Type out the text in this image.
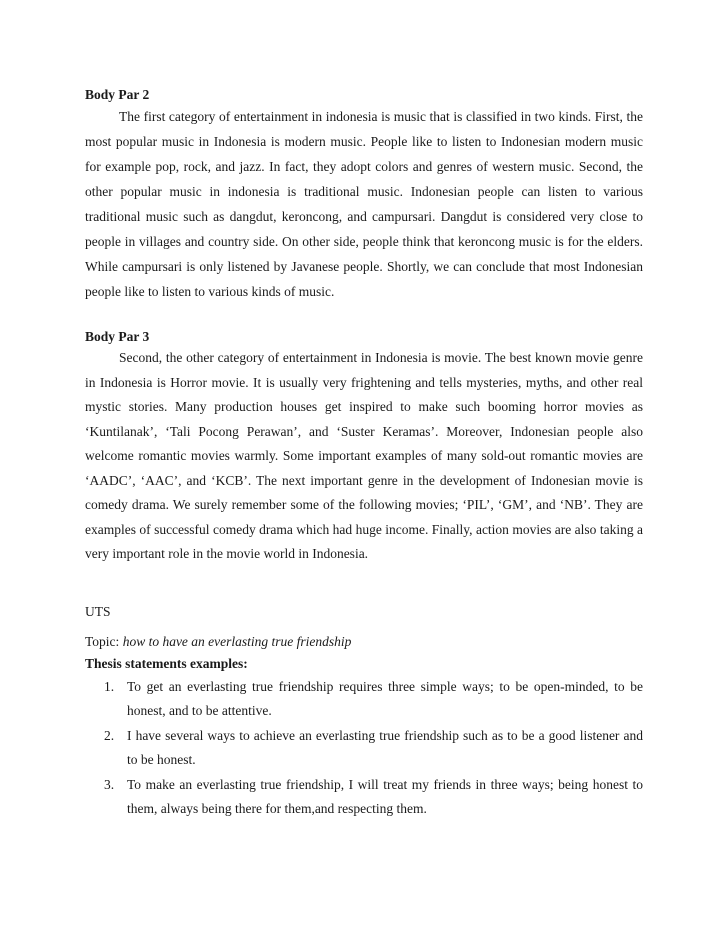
Body Par 2

The first category of entertainment in indonesia is music that is classified in two kinds. First, the most popular music in Indonesia is modern music. People like to listen to Indonesian modern music for example pop, rock, and jazz. In fact, they adopt colors and genres of western music. Second, the other popular music in indonesia is traditional music. Indonesian people can listen to various traditional music such as dangdut, keroncong, and campursari. Dangdut is considered very close to people in villages and country side. On other side, people think that keroncong music is for the elders. While campursari is only listened by Javanese people. Shortly, we can conclude that most Indonesian people like to listen to various kinds of music.

Body Par 3

Second, the other category of entertainment in Indonesia is movie. The best known movie genre in Indonesia is Horror movie. It is usually very frightening and tells mysteries, myths, and other real mystic stories. Many production houses get inspired to make such booming horror movies as ‘Kuntilanak’, ‘Tali Pocong Perawan’, and ‘Suster Keramas’. Moreover, Indonesian people also welcome romantic movies warmly. Some important examples of many sold-out romantic movies are ‘AADC’, ‘AAC’, and ‘KCB’. The next important genre in the development of Indonesian movie is comedy drama. We surely remember some of the following movies; ‘PIL’, ‘GM’, and ‘NB’. They are examples of successful comedy drama which had huge income. Finally, action movies are also taking a very important role in the movie world in Indonesia.

UTS

Topic: how to have an everlasting true friendship

Thesis statements examples:

1. To get an everlasting true friendship requires three simple ways; to be open-minded, to be honest, and to be attentive.
2. I have several ways to achieve an everlasting true friendship such as to be a good listener and to be honest.
3. To make an everlasting true friendship, I will treat my friends in three ways; being honest to them, always being there for them,and respecting them.
